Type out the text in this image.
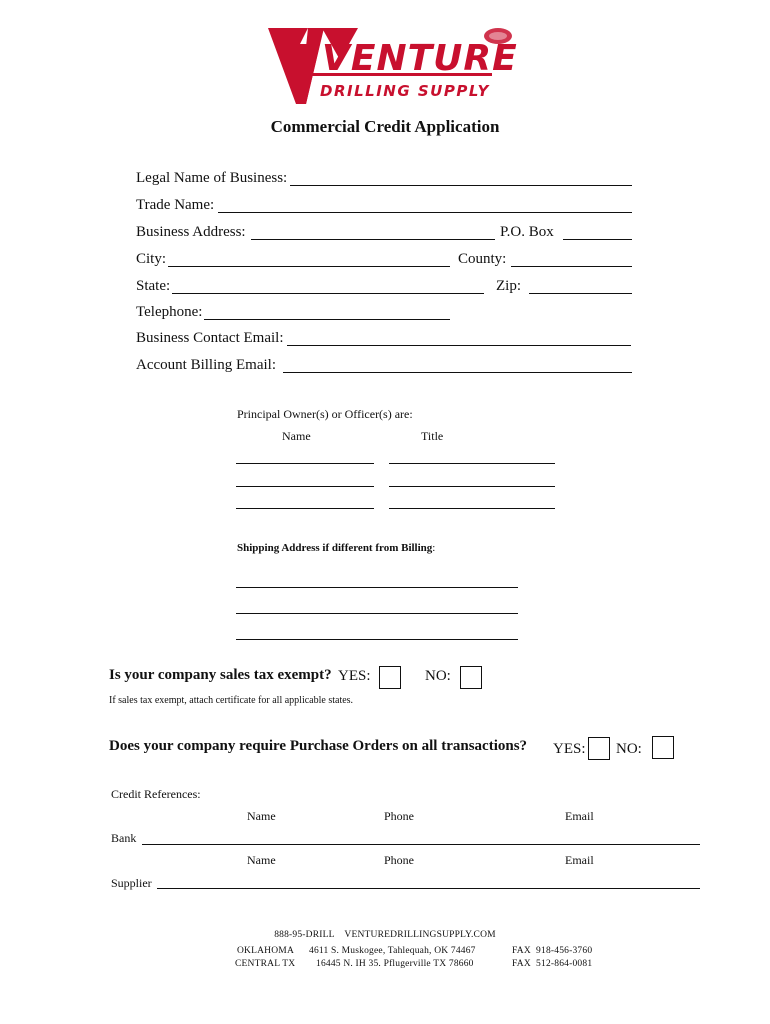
VENTURE
DRILLING SUPPLY
Commercial Credit Application
Legal Name of Business:
Trade Name:
Business Address:	P.O. Box
City:	County:
State:	Zip:
Telephone:
Business Contact Email:
Account Billing Email:
Principal Owner(s) or Officer(s) are:
Name	Title
Shipping Address if different from Billing:
Is your company sales tax exempt? YES:	NO:
If sales tax exempt, attach certificate for all applicable states.
Does your company require Purchase Orders on all transactions? YES: NO:
Credit References:
Name	Phone	Email
Bank
Name	Phone	Email
Supplier
888-95-DRILL    VENTUREDRILLINGSUPPLY.COM
OKLAHOMA 4611 S. Muskogee, Tahlequah, OK 74467	FAX  918-456-3760
CENTRAL TX 16445 N. IH 35. Pflugerville TX 78660	FAX  512-864-0081
